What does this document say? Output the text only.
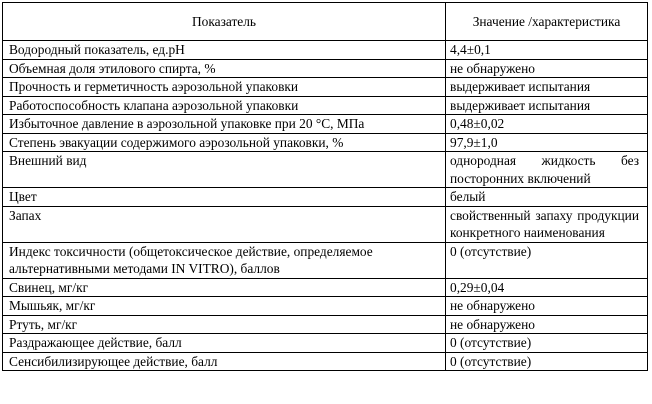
Показатель	Значение /характеристика
Водородный показатель, ед.рН	4,4±0,1
Объемная доля этилового спирта, %	не обнаружено
Прочность и герметичность аэрозольной упаковки	выдерживает испытания
Работоспособность клапана аэрозольной упаковки	выдерживает испытания
Избыточное давление в аэрозольной упаковке при 20 °С, МПа	0,48±0,02
Степень эвакуации содержимого аэрозольной упаковки, %	97,9±1,0
Внешний вид	однородная жидкость без посторонних включений
Цвет	белый
Запах	свойственный запаху продукции конкретного наименования
Индекс токсичности (общетоксическое действие, определяемое альтернативными методами IN VITRO), баллов	0 (отсутствие)
Свинец, мг/кг	0,29±0,04
Мышьяк, мг/кг	не обнаружено
Ртуть, мг/кг	не обнаружено
Раздражающее действие, балл	0 (отсутствие)
Сенсибилизирующее действие, балл	0 (отсутствие)
